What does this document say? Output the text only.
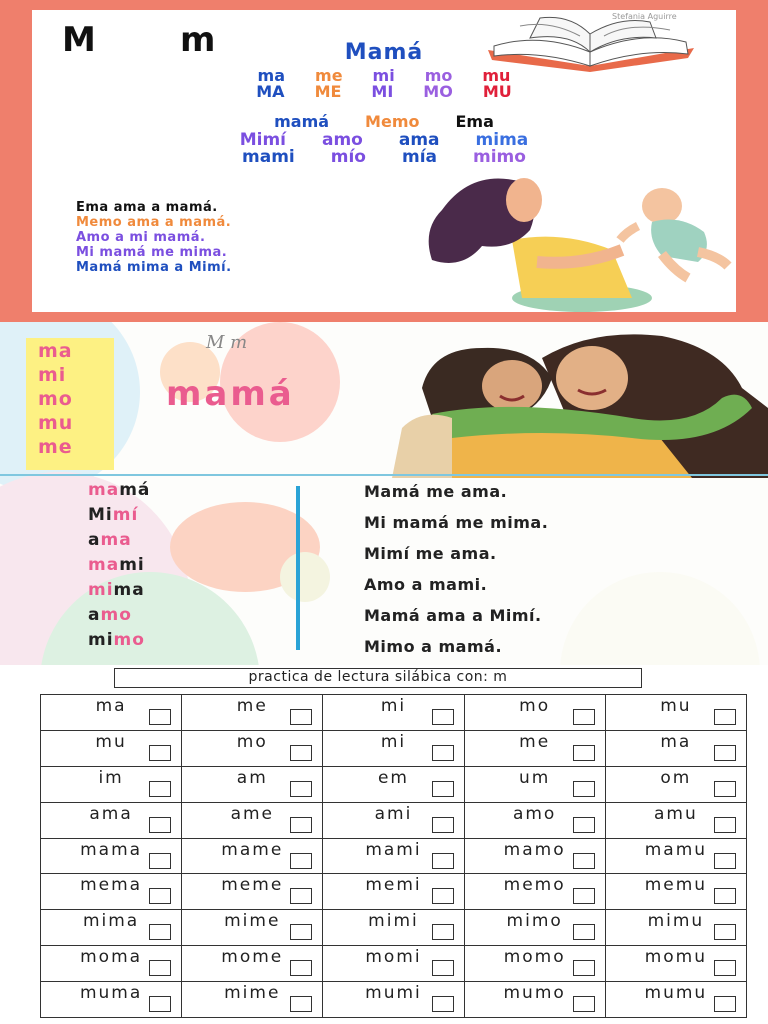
M m
Stefania Aguirre
Mamá
ma me mi mo mu
MA ME MI MO MU
mamá Memo Ema
Mimí amo ama mima
mami mío mía mimo
Ema ama a mamá.
Memo ama a mamá.
Amo a mi mamá.
Mi mamá me mima.
Mamá mima a Mimí.
ma
mi
mo
mu
me
M m
mamá
mamá
Mimí
ama
mami
mima
amo
mimo
Mamá me ama.
Mi mamá me mima.
Mimí me ama.
Amo a mami.
Mamá ama a Mimí.
Mimo a mamá.
practica de lectura silábica con: m
ma	me	mi	mo	mu

mu	mo	mi	me	ma

im	am	em	um	om

ama	ame	ami	amo	amu

mama	mame	mami	mamo	mamu

mema	meme	memi	memo	memu

mima	mime	mimi	mimo	mimu

moma	mome	momi	momo	momu

muma	mime	mumi	mumo	mumu
